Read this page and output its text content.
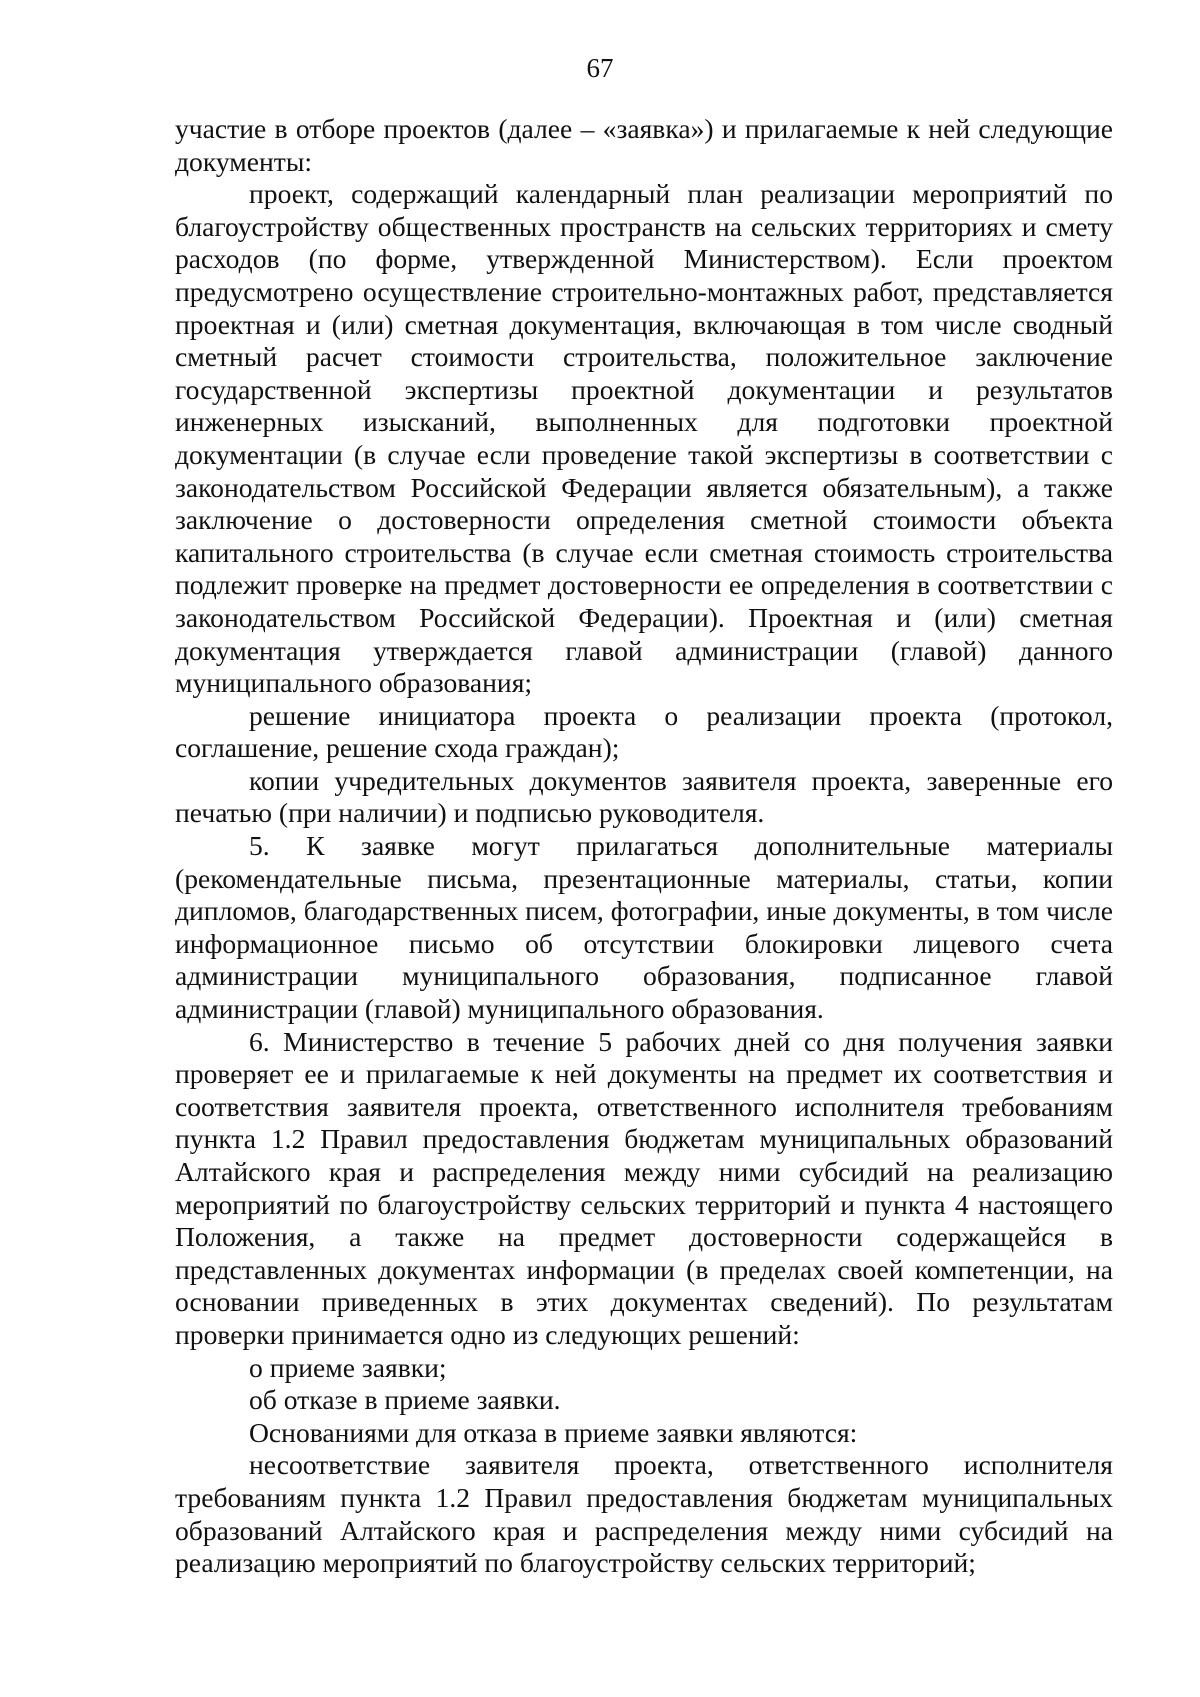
67

участие в отборе проектов (далее – «заявка») и прилагаемые к ней следующие документы:

проект, содержащий календарный план реализации мероприятий по благоустройству общественных пространств на сельских территориях и смету расходов (по форме, утвержденной Министерством). Если проектом предусмотрено осуществление строительно-монтажных работ, представляется проектная и (или) сметная документация, включающая в том числе сводный сметный расчет стоимости строительства, положительное заключение государственной экспертизы проектной документации и результатов инженерных изысканий, выполненных для подготовки проектной документации (в случае если проведение такой экспертизы в соответствии с законодательством Российской Федерации является обязательным), а также заключение о достоверности определения сметной стоимости объекта капитального строительства (в случае если сметная стоимость строительства подлежит проверке на предмет достоверности ее определения в соответствии с законодательством Российской Федерации). Проектная и (или) сметная документация утверждается главой администрации (главой) данного муниципального образования;

решение инициатора проекта о реализации проекта (протокол, соглашение, решение схода граждан);

копии учредительных документов заявителя проекта, заверенные его печатью (при наличии) и подписью руководителя.

5. К заявке могут прилагаться дополнительные материалы (рекомендательные письма, презентационные материалы, статьи, копии дипломов, благодарственных писем, фотографии, иные документы, в том числе информационное письмо об отсутствии блокировки лицевого счета администрации муниципального образования, подписанное главой администрации (главой) муниципального образования.

6. Министерство в течение 5 рабочих дней со дня получения заявки проверяет ее и прилагаемые к ней документы на предмет их соответствия и соответствия заявителя проекта, ответственного исполнителя требованиям пункта 1.2 Правил предоставления бюджетам муниципальных образований Алтайского края и распределения между ними субсидий на реализацию мероприятий по благоустройству сельских территорий и пункта 4 настоящего Положения, а также на предмет достоверности содержащейся в представленных документах информации (в пределах своей компетенции, на основании приведенных в этих документах сведений). По результатам проверки принимается одно из следующих решений:

о приеме заявки;

об отказе в приеме заявки.

Основаниями для отказа в приеме заявки являются:

несоответствие заявителя проекта, ответственного исполнителя требованиям пункта 1.2 Правил предоставления бюджетам муниципальных образований Алтайского края и распределения между ними субсидий на реализацию мероприятий по благоустройству сельских территорий;
